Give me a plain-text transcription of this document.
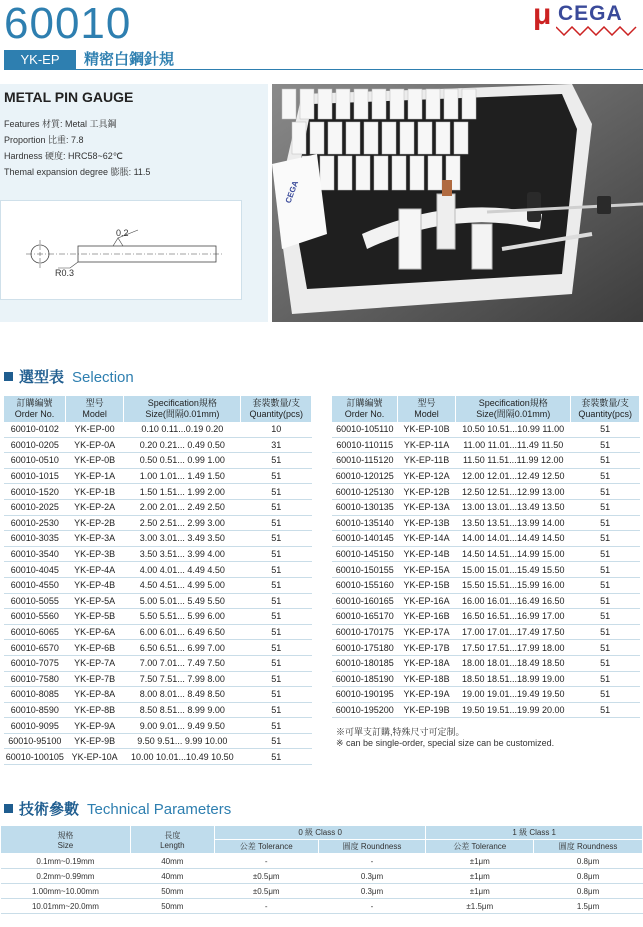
60010
YK-EP	精密白鋼針規
μ CEGA
METAL PIN GAUGE
Features 材質: Metal 工具鋼
Proportion 比重: 7.8
Hardness 硬度: HRC58~62℃
Themal expansion degree 膨脹: 11.5
0.2
R0.3
CEGA
選型表 Selection
訂購編號
Order No.	型号
Model	Specification規格
Size(間隔0.01mm)	套裝數量/支
Quantity(pcs)
60010-0102	YK-EP-00	0.10 0.11...0.19 0.20	10
60010-0205	YK-EP-0A	0.20 0.21... 0.49 0.50	31
60010-0510	YK-EP-0B	0.50 0.51... 0.99 1.00	51
60010-1015	YK-EP-1A	1.00 1.01... 1.49 1.50	51
60010-1520	YK-EP-1B	1.50 1.51... 1.99 2.00	51
60010-2025	YK-EP-2A	2.00 2.01... 2.49 2.50	51
60010-2530	YK-EP-2B	2.50 2.51... 2.99 3.00	51
60010-3035	YK-EP-3A	3.00 3.01... 3.49 3.50	51
60010-3540	YK-EP-3B	3.50 3.51... 3.99 4.00	51
60010-4045	YK-EP-4A	4.00 4.01... 4.49 4.50	51
60010-4550	YK-EP-4B	4.50 4.51... 4.99 5.00	51
60010-5055	YK-EP-5A	5.00 5.01... 5.49 5.50	51
60010-5560	YK-EP-5B	5.50 5.51... 5.99 6.00	51
60010-6065	YK-EP-6A	6.00 6.01... 6.49 6.50	51
60010-6570	YK-EP-6B	6.50 6.51... 6.99 7.00	51
60010-7075	YK-EP-7A	7.00 7.01... 7.49 7.50	51
60010-7580	YK-EP-7B	7.50 7.51... 7.99 8.00	51
60010-8085	YK-EP-8A	8.00 8.01... 8.49 8.50	51
60010-8590	YK-EP-8B	8.50 8.51... 8.99 9.00	51
60010-9095	YK-EP-9A	9.00 9.01... 9.49 9.50	51
60010-95100	YK-EP-9B	9.50 9.51... 9.99 10.00	51
60010-100105	YK-EP-10A	10.00 10.01...10.49 10.50	51
訂購編號
Order No.	型号
Model	Specification規格
Size(間隔0.01mm)	套裝數量/支
Quantity(pcs)
60010-105110	YK-EP-10B	10.50 10.51...10.99 11.00	51
60010-110115	YK-EP-11A	11.00 11.01...11.49 11.50	51
60010-115120	YK-EP-11B	11.50 11.51...11.99 12.00	51
60010-120125	YK-EP-12A	12.00 12.01...12.49 12.50	51
60010-125130	YK-EP-12B	12.50 12.51...12.99 13.00	51
60010-130135	YK-EP-13A	13.00 13.01...13.49 13.50	51
60010-135140	YK-EP-13B	13.50 13.51...13.99 14.00	51
60010-140145	YK-EP-14A	14.00 14.01...14.49 14.50	51
60010-145150	YK-EP-14B	14.50 14.51...14.99 15.00	51
60010-150155	YK-EP-15A	15.00 15.01...15.49 15.50	51
60010-155160	YK-EP-15B	15.50 15.51...15.99 16.00	51
60010-160165	YK-EP-16A	16.00 16.01...16.49 16.50	51
60010-165170	YK-EP-16B	16.50 16.51...16.99 17.00	51
60010-170175	YK-EP-17A	17.00 17.01...17.49 17.50	51
60010-175180	YK-EP-17B	17.50 17.51...17.99 18.00	51
60010-180185	YK-EP-18A	18.00 18.01...18.49 18.50	51
60010-185190	YK-EP-18B	18.50 18.51...18.99 19.00	51
60010-190195	YK-EP-19A	19.00 19.01...19.49 19.50	51
60010-195200	YK-EP-19B	19.50 19.51...19.99 20.00	51
※可單支訂購,特殊尺寸可定制。
※ can be single-order, special size can be customized.
技術參數 Technical Parameters
規格
Size	長度
Length	0 級 Class 0		1 級 Class 1	
		公差 Tolerance	圓度 Roundness	公差 Tolerance	圓度 Roundness
0.1mm~0.19mm	40mm	-	-	±1μm	0.8μm
0.2mm~0.99mm	40mm	±0.5μm	0.3μm	±1μm	0.8μm
1.00mm~10.00mm	50mm	±0.5μm	0.3μm	±1μm	0.8μm
10.01mm~20.0mm	50mm	-	-	±1.5μm	1.5μm
